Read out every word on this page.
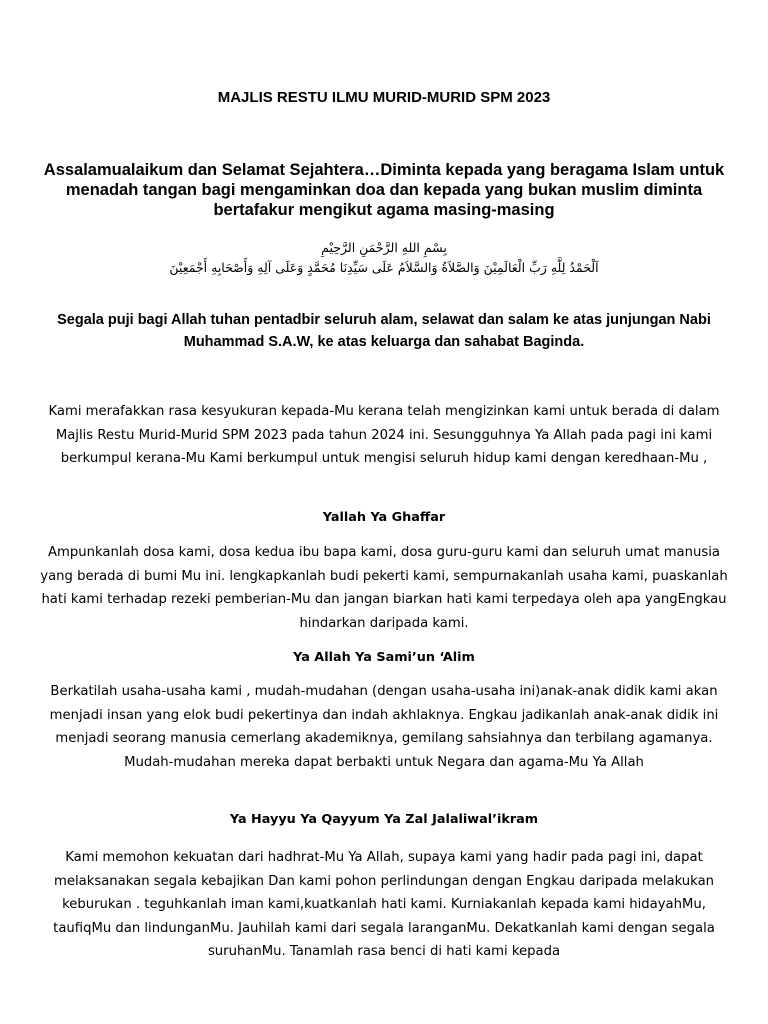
MAJLIS RESTU ILMU MURID-MURID SPM 2023
Assalamualaikum dan Selamat Sejahtera…Diminta kepada yang beragama Islam untuk menadah tangan bagi mengaminkan doa dan kepada yang bukan muslim diminta bertafakur mengikut agama masing-masing
بِسْمِ اللهِ الرَّحْمَنِ الرَّحِيْمِ
اَلْحَمْدُ لِلَّهِ رَبِّ الْعَالَمِيْنَ وَالصَّلاَةُ وَالسَّلاَمُ عَلَى سَيِّدِنَا مُحَمَّدٍ وَعَلَى آلِهِ وَأَصْحَابِهِ أَجْمَعِيْنَ
Segala puji bagi Allah tuhan pentadbir seluruh alam, selawat dan salam ke atas junjungan Nabi Muhammad S.A.W, ke atas keluarga dan sahabat Baginda.
Kami merafakkan rasa kesyukuran kepada-Mu kerana telah mengizinkan kami untuk berada di dalam Majlis Restu Murid-Murid SPM 2023 pada tahun 2024 ini. Sesungguhnya Ya Allah pada pagi ini kami berkumpul kerana-Mu Kami berkumpul untuk mengisi seluruh hidup kami dengan keredhaan-Mu ,
Yallah Ya Ghaffar
Ampunkanlah dosa kami, dosa kedua ibu bapa kami, dosa guru-guru kami dan seluruh umat manusia yang berada di bumi Mu ini. lengkapkanlah budi pekerti kami, sempurnakanlah usaha kami, puaskanlah hati kami terhadap rezeki pemberian-Mu dan jangan biarkan hati kami terpedaya oleh apa yangEngkau hindarkan daripada kami.
Ya Allah Ya Sami’un ‘Alim
Berkatilah usaha-usaha kami , mudah-mudahan (dengan usaha-usaha ini)anak-anak didik kami akan menjadi insan yang elok budi pekertinya dan indah akhlaknya. Engkau jadikanlah anak-anak didik ini menjadi seorang manusia cemerlang akademiknya, gemilang sahsiahnya dan terbilang agamanya. Mudah-mudahan mereka dapat berbakti untuk Negara dan agama-Mu Ya Allah
Ya Hayyu Ya Qayyum Ya Zal Jalaliwal’ikram
Kami memohon kekuatan dari hadhrat-Mu Ya Allah, supaya kami yang hadir pada pagi ini, dapat melaksanakan segala kebajikan Dan kami pohon perlindungan dengan Engkau daripada melakukan keburukan . teguhkanlah iman kami,kuatkanlah hati kami. Kurniakanlah kepada kami hidayahMu, taufiqMu dan lindunganMu. Jauhilah kami dari segala laranganMu. Dekatkanlah kami dengan segala suruhanMu. Tanamlah rasa benci di hati kami kepada
